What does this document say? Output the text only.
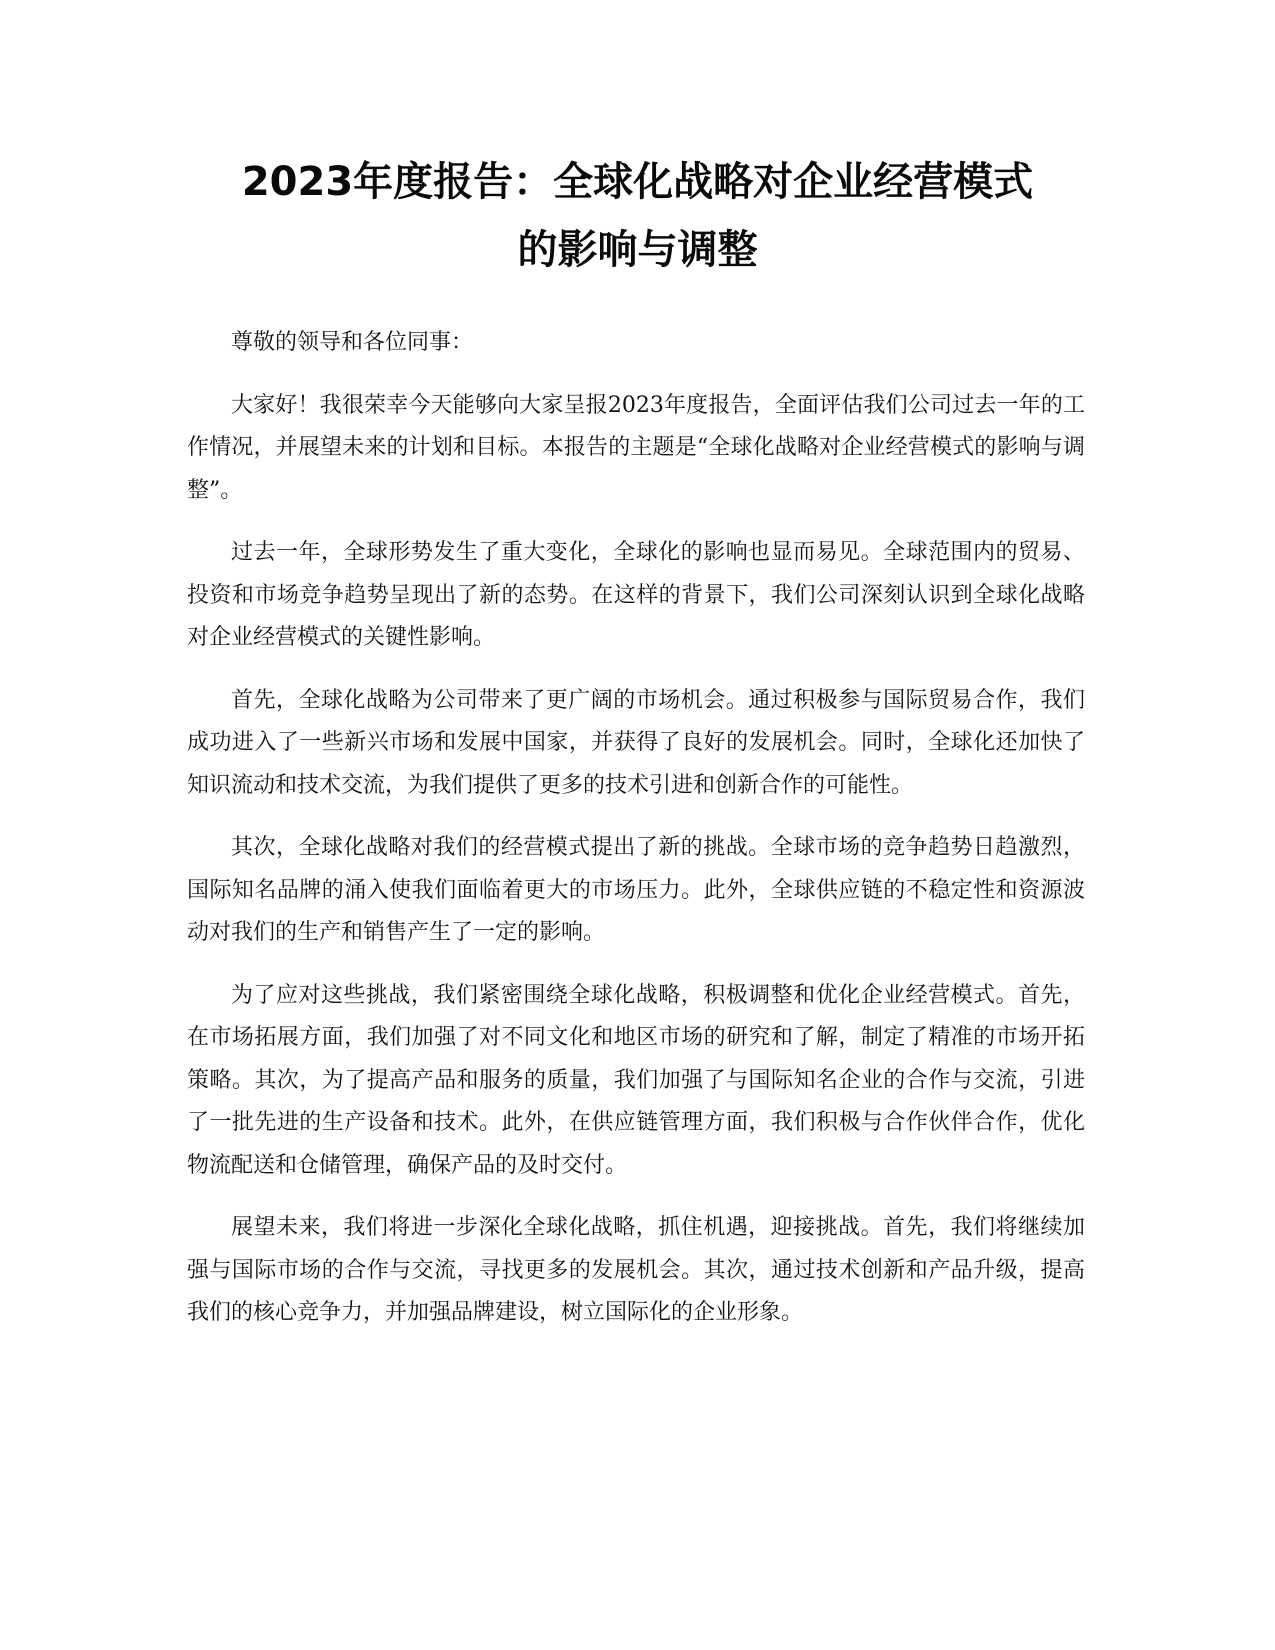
2023年度报告：全球化战略对企业经营模式
的影响与调整

尊敬的领导和各位同事：

大家好！我很荣幸今天能够向大家呈报2023年度报告，全面评估我们公司过去一年的工作情况，并展望未来的计划和目标。本报告的主题是“全球化战略对企业经营模式的影响与调整”。

过去一年，全球形势发生了重大变化，全球化的影响也显而易见。全球范围内的贸易、投资和市场竞争趋势呈现出了新的态势。在这样的背景下，我们公司深刻认识到全球化战略对企业经营模式的关键性影响。

首先，全球化战略为公司带来了更广阔的市场机会。通过积极参与国际贸易合作，我们成功进入了一些新兴市场和发展中国家，并获得了良好的发展机会。同时，全球化还加快了知识流动和技术交流，为我们提供了更多的技术引进和创新合作的可能性。

其次，全球化战略对我们的经营模式提出了新的挑战。全球市场的竞争趋势日趋激烈，国际知名品牌的涌入使我们面临着更大的市场压力。此外，全球供应链的不稳定性和资源波动对我们的生产和销售产生了一定的影响。

为了应对这些挑战，我们紧密围绕全球化战略，积极调整和优化企业经营模式。首先，在市场拓展方面，我们加强了对不同文化和地区市场的研究和了解，制定了精准的市场开拓策略。其次，为了提高产品和服务的质量，我们加强了与国际知名企业的合作与交流，引进了一批先进的生产设备和技术。此外，在供应链管理方面，我们积极与合作伙伴合作，优化物流配送和仓储管理，确保产品的及时交付。

展望未来，我们将进一步深化全球化战略，抓住机遇，迎接挑战。首先，我们将继续加强与国际市场的合作与交流，寻找更多的发展机会。其次，通过技术创新和产品升级，提高我们的核心竞争力，并加强品牌建设，树立国际化的企业形象。
